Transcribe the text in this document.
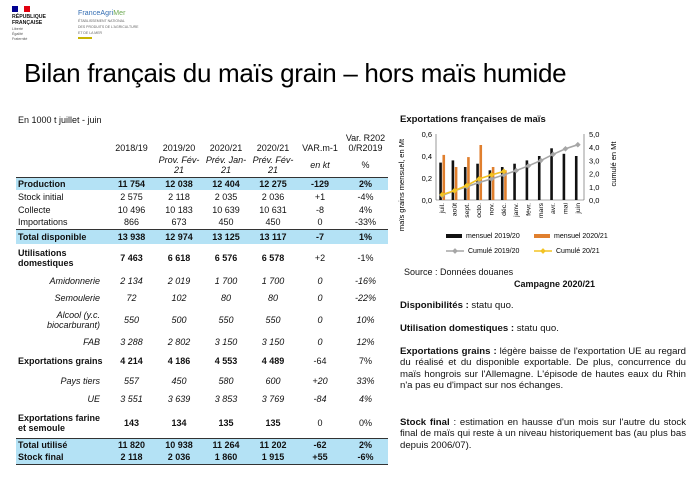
RÉPUBLIQUE
FRANÇAISE
Liberté
Égalité
Fraternité
FranceAgriMer
ÉTABLISSEMENT NATIONAL
DES PRODUITS DE L'AGRICULTURE
ET DE LA MER
Bilan français du maïs grain – hors maïs humide
En 1000 t juillet - juin	2018/19	2019/20	2020/21	2020/21	VAR.m-1	Var. R2020/R2019
		Prov. Fév-21	Prév. Jan-21	Prév. Fév-21	en kt	%
Production	11 754	12 038	12 404	12 275	-129	2%
Stock initial	2 575	2 118	2 035	2 036	+1	-4%
Collecte	10 496	10 183	10 639	10 631	-8	4%
Importations	866	673	450	450	0	-33%
Total disponible	13 938	12 974	13 125	13 117	-7	1%
Utilisations domestiques	7 463	6 618	6 576	6 578	+2	-1%
Amidonnerie	2 134	2 019	1 700	1 700	0	-16%
Semoulerie	72	102	80	80	0	-22%
Alcool (y.c. biocarburant)	550	500	550	550	0	10%
FAB	3 288	2 802	3 150	3 150	0	12%
Exportations grains	4 214	4 186	4 553	4 489	-64	7%
Pays tiers	557	450	580	600	+20	33%
UE	3 551	3 639	3 853	3 769	-84	4%
Exportations farine et semoule	143	134	135	135	0	0%
Total utilisé	11 820	10 938	11 264	11 202	-62	2%
Stock final	2 118	2 036	1 860	1 915	+55	-6%
Exportations françaises de maïs
0,0
0,2
0,4
0,6
0,0
1,0
2,0
3,0
4,0
5,0
maïs grains mensuel, en Mt	cumulé en Mt
juil. août sept. octo. nov. déc. janv. févr. mars avr. mai juin
mensuel 2019/20	mensuel 2020/21
Cumulé 2019/20	Cumulé 20/21
Source : Données douanes
Campagne 2020/21
Disponibilités : statu quo.
Utilisation domestiques : statu quo.
Exportations grains : légère baisse de l'exportation UE au regard du réalisé et du disponible exportable. De plus, concurrence du maïs hongrois sur l'Allemagne. L'épisode de hautes eaux du Rhin n'a pas eu d'impact sur nos échanges.
Stock final : estimation en hausse d'un mois sur l'autre du stock final de maïs qui reste à un niveau historiquement bas (au plus bas depuis 2006/07).
